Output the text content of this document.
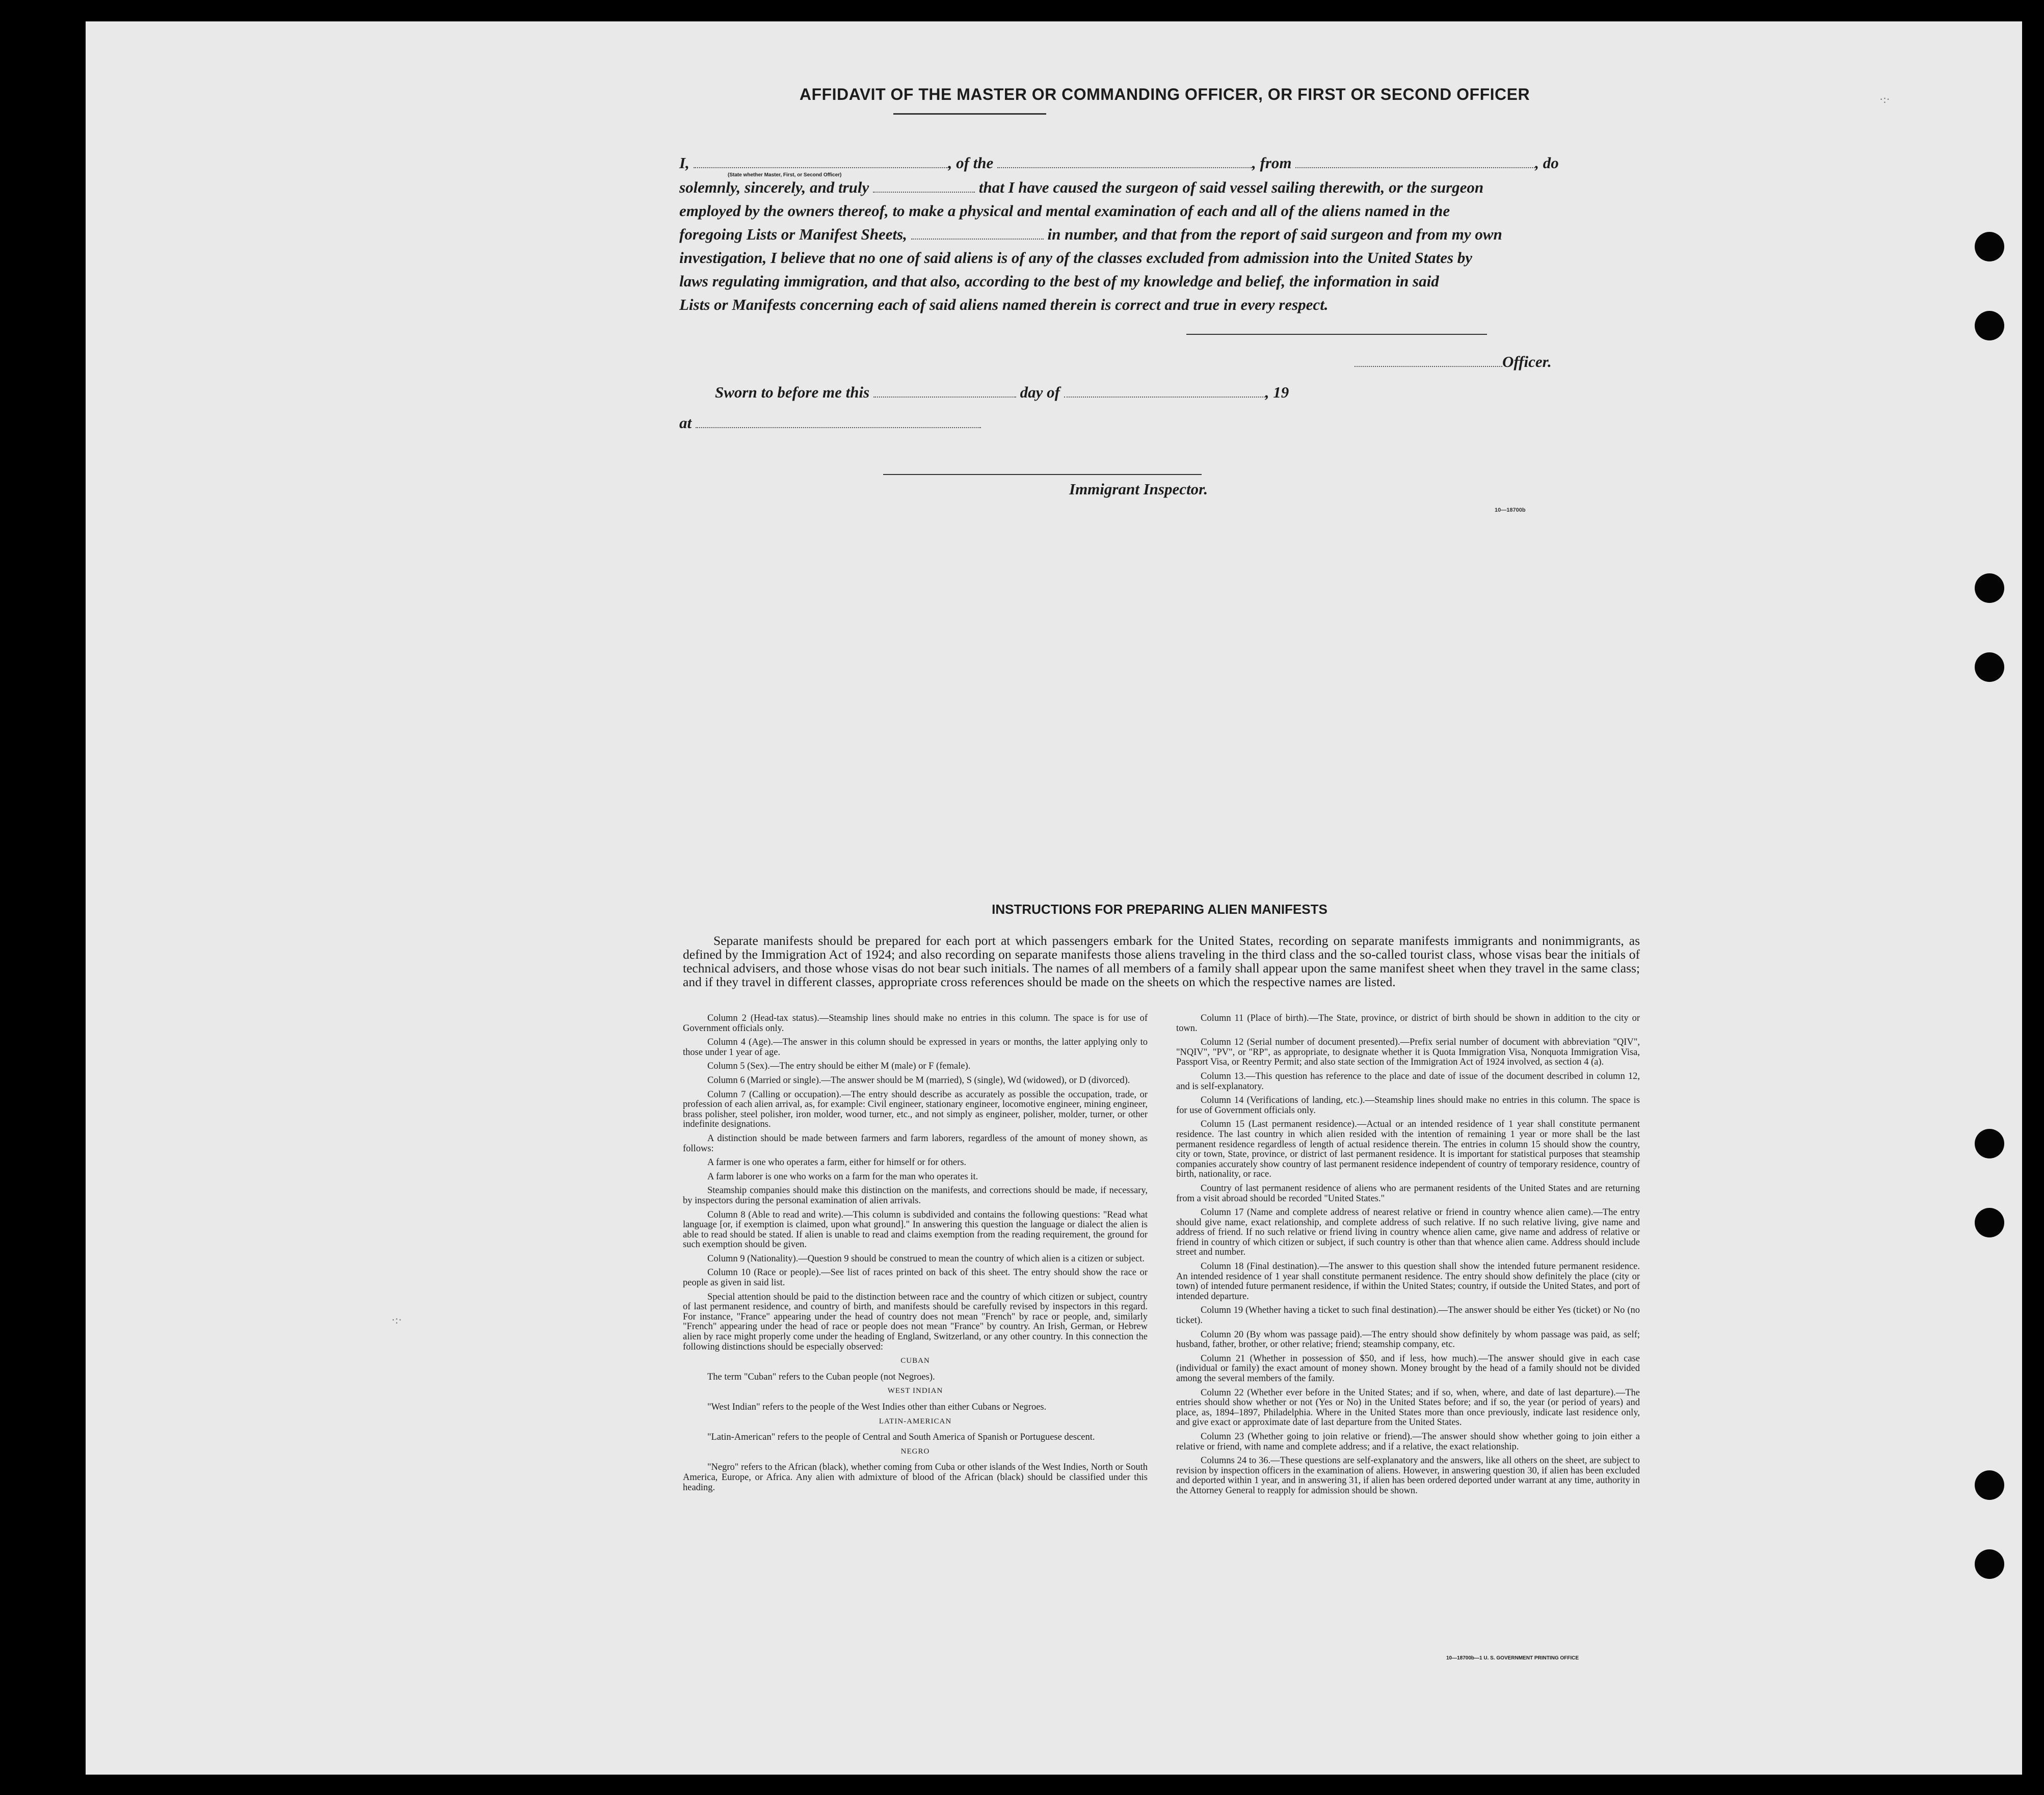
·:·
·:·
AFFIDAVIT OF THE MASTER OR COMMANDING OFFICER, OR FIRST OR SECOND OFFICER
I,	, of the	, from	, do
(State whether Master, First, or Second Officer)
solemnly, sincerely, and truly	that I have caused the surgeon of said vessel sailing therewith, or the surgeon
employed by the owners thereof, to make a physical and mental examination of each and all of the aliens named in the
foregoing Lists or Manifest Sheets,	in number, and that from the report of said surgeon and from my own
investigation, I believe that no one of said aliens is of any of the classes excluded from admission into the United States by
laws regulating immigration, and that also, according to the best of my knowledge and belief, the information in said
Lists or Manifests concerning each of said aliens named therein is correct and true in every respect.
Officer.
Sworn to before me this	day of	, 19
at
Immigrant Inspector.
10—18700b
INSTRUCTIONS FOR PREPARING ALIEN MANIFESTS
Separate manifests should be prepared for each port at which passengers embark for the United States, recording on separate manifests immigrants and nonimmigrants, as defined by the Immigration Act of 1924; and also recording on separate manifests those aliens traveling in the third class and the so-called tourist class, whose visas bear the initials of technical advisers, and those whose visas do not bear such initials. The names of all members of a family shall appear upon the same manifest sheet when they travel in the same class; and if they travel in different classes, appropriate cross references should be made on the sheets on which the respective names are listed.

Column 2 (Head-tax status).—Steamship lines should make no entries in this column. The space is for use of Government officials only.

Column 4 (Age).—The answer in this column should be expressed in years or months, the latter applying only to those under 1 year of age.

Column 5 (Sex).—The entry should be either M (male) or F (female).

Column 6 (Married or single).—The answer should be M (married), S (single), Wd (widowed), or D (divorced).

Column 7 (Calling or occupation).—The entry should describe as accurately as possible the occupation, trade, or profession of each alien arrival, as, for example: Civil engineer, stationary engineer, locomotive engineer, mining engineer, brass polisher, steel polisher, iron molder, wood turner, etc., and not simply as engineer, polisher, molder, turner, or other indefinite designations.

A distinction should be made between farmers and farm laborers, regardless of the amount of money shown, as follows:

A farmer is one who operates a farm, either for himself or for others.

A farm laborer is one who works on a farm for the man who operates it.

Steamship companies should make this distinction on the manifests, and corrections should be made, if necessary, by inspectors during the personal examination of alien arrivals.

Column 8 (Able to read and write).—This column is subdivided and contains the following questions: "Read what language [or, if exemption is claimed, upon what ground]." In answering this question the language or dialect the alien is able to read should be stated. If alien is unable to read and claims exemption from the reading requirement, the ground for such exemption should be given.

Column 9 (Nationality).—Question 9 should be construed to mean the country of which alien is a citizen or subject.

Column 10 (Race or people).—See list of races printed on back of this sheet. The entry should show the race or people as given in said list.

Special attention should be paid to the distinction between race and the country of which citizen or subject, country of last permanent residence, and country of birth, and manifests should be carefully revised by inspectors in this regard. For instance, "France" appearing under the head of country does not mean "French" by race or people, and, similarly "French" appearing under the head of race or people does not mean "France" by country. An Irish, German, or Hebrew alien by race might properly come under the heading of England, Switzerland, or any other country. In this connection the following distinctions should be especially observed:

CUBAN

The term "Cuban" refers to the Cuban people (not Negroes).

WEST INDIAN

"West Indian" refers to the people of the West Indies other than either Cubans or Negroes.

LATIN-AMERICAN

"Latin-American" refers to the people of Central and South America of Spanish or Portuguese descent.

NEGRO

"Negro" refers to the African (black), whether coming from Cuba or other islands of the West Indies, North or South America, Europe, or Africa. Any alien with admixture of blood of the African (black) should be classified under this heading.

Column 11 (Place of birth).—The State, province, or district of birth should be shown in addition to the city or town.

Column 12 (Serial number of document presented).—Prefix serial number of document with abbreviation "QIV", "NQIV", "PV", or "RP", as appropriate, to designate whether it is Quota Immigration Visa, Nonquota Immigration Visa, Passport Visa, or Reentry Permit; and also state section of the Immigration Act of 1924 involved, as section 4 (a).

Column 13.—This question has reference to the place and date of issue of the document described in column 12, and is self-explanatory.

Column 14 (Verifications of landing, etc.).—Steamship lines should make no entries in this column. The space is for use of Government officials only.

Column 15 (Last permanent residence).—Actual or an intended residence of 1 year shall constitute permanent residence. The last country in which alien resided with the intention of remaining 1 year or more shall be the last permanent residence regardless of length of actual residence therein. The entries in column 15 should show the country, city or town, State, province, or district of last permanent residence. It is important for statistical purposes that steamship companies accurately show country of last permanent residence independent of country of temporary residence, country of birth, nationality, or race.

Country of last permanent residence of aliens who are permanent residents of the United States and are returning from a visit abroad should be recorded "United States."

Column 17 (Name and complete address of nearest relative or friend in country whence alien came).—The entry should give name, exact relationship, and complete address of such relative. If no such relative living, give name and address of friend. If no such relative or friend living in country whence alien came, give name and address of relative or friend in country of which citizen or subject, if such country is other than that whence alien came. Address should include street and number.

Column 18 (Final destination).—The answer to this question shall show the intended future permanent residence. An intended residence of 1 year shall constitute permanent residence. The entry should show definitely the place (city or town) of intended future permanent residence, if within the United States; country, if outside the United States, and port of intended departure.

Column 19 (Whether having a ticket to such final destination).—The answer should be either Yes (ticket) or No (no ticket).

Column 20 (By whom was passage paid).—The entry should show definitely by whom passage was paid, as self; husband, father, brother, or other relative; friend; steamship company, etc.

Column 21 (Whether in possession of $50, and if less, how much).—The answer should give in each case (individual or family) the exact amount of money shown. Money brought by the head of a family should not be divided among the several members of the family.

Column 22 (Whether ever before in the United States; and if so, when, where, and date of last departure).—The entries should show whether or not (Yes or No) in the United States before; and if so, the year (or period of years) and place, as, 1894–1897, Philadelphia. Where in the United States more than once previously, indicate last residence only, and give exact or approximate date of last departure from the United States.

Column 23 (Whether going to join relative or friend).—The answer should show whether going to join either a relative or friend, with name and complete address; and if a relative, the exact relationship.

Columns 24 to 36.—These questions are self-explanatory and the answers, like all others on the sheet, are subject to revision by inspection officers in the examination of aliens. However, in answering question 30, if alien has been excluded and deported within 1 year, and in answering 31, if alien has been ordered deported under warrant at any time, authority in the Attorney General to reapply for admission should be shown.

10—18700b—1 U. S. GOVERNMENT PRINTING OFFICE
